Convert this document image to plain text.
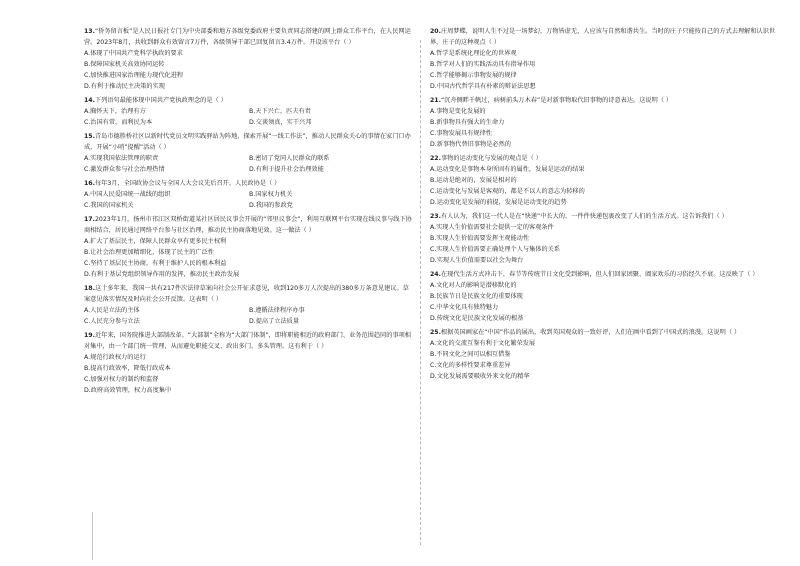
13.“侨务留言板”是人民日报社专门为中央部委和地方各级党委政府主要负责同志搭建的网上群众工作平台，在人民网运营。2023年8月，共收到群众有效留言7万件，各级领导干部已回复留言3.4万件。开设该平台（ ）
A.体现了中国共产党科学执政的要求
B.保障国家机关高效协同运转
C.加快推进国家治理能力现代化进程
D.有利于推动民主决策的实现
14.下列语句最能体现中国共产党执政理念的是（ ）
A.胸怀天下，治理有方	B.天下兴亡，匹夫有责
C.治国有常，而利民为本	D.交谈须真，实干兴邦
15.青岛市德胜桥社区以新时代党员文明实践驿站为阵地，探索开展“一线工作法”，推动人民群众关心的事情在家门口办成，开展“小哨”提醒”活动（ ）
A.实现我国依法管理的职责	B.密切了党同人民群众的联系
C.激发群众参与社会治理热情	D.有利于提升社会治理效能
16.每年3月，全国政协会议与全国人大会议先后召开。人民政协是（ ）
A.中国人民爱国统一战线的组织	B.国家权力机关
C.我国的国家机关	D.我国的参政党
17.2023年1月，扬州市邗江区双桥街道某社区居民议事会开展的“邻里议事会”，利用互联网平台实现在线议事与线下协商相结合，居民通过网络平台参与社区治理，推动民主协商落地见效。这一做法（ ）
A.扩大了基层民主，保障人民群众享有更多民主权利
B.让社会治理更加精细化，体现了民主的广泛性
C.坚持了基层民主协商，有利于维护人民的根本利益
D.有利于基层党组织领导作用的发挥，推动民主政治发展
18.这十多年来，我国一共有217件次法律草案向社会公开征求意见，收到120多万人次提出的380多万条意见建议。草案意见落实情况及时向社会公开反馈。这表明（ ）
A.人民是立法的主体	B.遵循法律程序办事
C.人民充分参与立法	D.提高了立法质量
19.近年来，国务院推进大部制改革。“大部制”全称为“大部门体制”，即将职能相近的政府部门、业务范围趋同的事项相对集中，由一个部门统一管理，从而避免职能交叉、政出多门、多头管理。这有利于（ ）
A.规范行政权力的运行
B.提高行政效率，降低行政成本
C.加强对权力的制约和监督
D.政府高效管理，权力高度集中
20.庄周梦蝶，说明人生不过是一场梦幻，万物皆虚无，人应该与自然和谐共生。当时的庄子只能按自己的方式去理解和认识世界，庄子的这种观点（ ）
A.哲学是系统化理论化的世界观
B.哲学对人们的实践活动具有指导作用
C.哲学能够揭示事物发展的规律
D.中国古代哲学具有朴素的辩证法思想
21.“沉舟侧畔千帆过，病树前头万木春”是对新事物取代旧事物的诗意表达。这说明（ ）
A.事物是变化发展的
B.新事物具有强大的生命力
C.事物发展具有规律性
D.新事物代替旧事物是必然的
22.事物的运动变化与发展的观点是（ ）
A.运动变化是事物本身所固有的属性，发展是运动的结果
B.运动是绝对的，发展是相对的
C.运动变化与发展是客观的，都是不以人的意志为转移的
D.运动变化是发展的前提，发展是运动变化的趋势
23.有人认为，我们这一代人是在“快递”中长大的，一件件快递包裹改变了人们的生活方式。这告诉我们（ ）
A.实现人生价值需要社会提供一定的客观条件
B.实现人生价值需要发挥主观能动性
C.实现人生价值需要正确处理个人与集体的关系
D.实现人生价值需要以社会为舞台
24.在现代生活方式冲击下，春节等传统节日文化受到影响，但人们回家团聚、阖家欢乐的习俗经久不衰。这反映了（ ）
A.文化对人的影响是潜移默化的
B.民族节日是民族文化的重要体现
C.中华文化具有独特魅力
D.传统文化是民族文化发展的根基
25.根据英国画家在“中国”作品的展出，收到英国观众的一致好评，人们在画中看到了中国式的浪漫。这说明（ ）
A.文化的交流互鉴有利于文化繁荣发展
B.不同文化之间可以相互借鉴
C.文化的多样性要求尊重差异
D.文化发展需要吸收外来文化的精华
